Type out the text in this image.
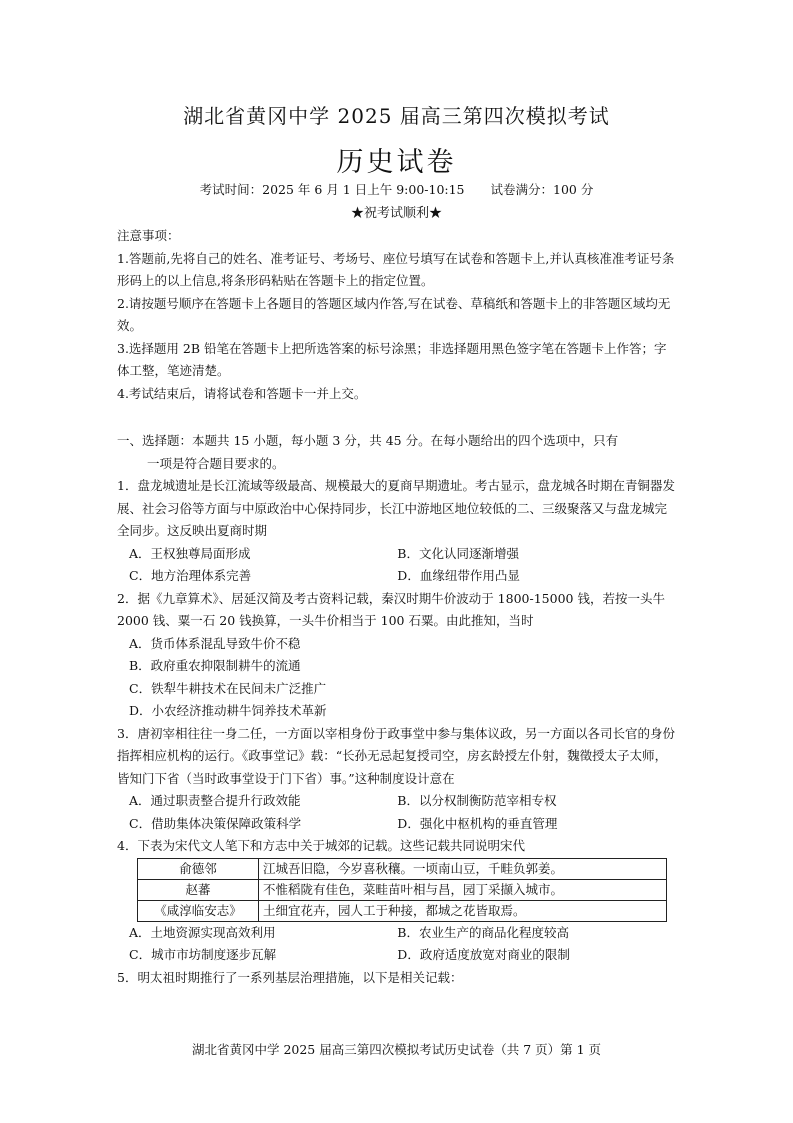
湖北省黄冈中学 2025 届高三第四次模拟考试
历史试卷
考试时间：2025 年 6 月 1 日上午 9:00-10:15 试卷满分：100 分
★祝考试顺利★

注意事项：

1.答题前,先将自己的姓名、准考证号、考场号、座位号填写在试卷和答题卡上,并认真核准准考证号条形码上的以上信息,将条形码粘贴在答题卡上的指定位置。

2.请按题号顺序在答题卡上各题目的答题区域内作答,写在试卷、草稿纸和答题卡上的非答题区域均无效。

3.选择题用 2B 铅笔在答题卡上把所选答案的标号涂黑；非选择题用黑色签字笔在答题卡上作答；字体工整，笔迹清楚。

4.考试结束后，请将试卷和答题卡一并上交。

一、选择题：本题共 15 小题，每小题 3 分，共 45 分。在每小题给出的四个选项中，只有

一项是符合题目要求的。

1．盘龙城遗址是长江流域等级最高、规模最大的夏商早期遗址。考古显示，盘龙城各时期在青铜器发展、社会习俗等方面与中原政治中心保持同步，长江中游地区地位较低的二、三级聚落又与盘龙城完全同步。这反映出夏商时期

A．王权独尊局面形成	B．文化认同逐渐增强
C．地方治理体系完善	D．血缘纽带作用凸显

2．据《九章算术》、居延汉简及考古资料记载，秦汉时期牛价波动于 1800-15000 钱，若按一头牛 2000 钱、粟一石 20 钱换算，一头牛价相当于 100 石粟。由此推知，当时

A．货币体系混乱导致牛价不稳
B．政府重农抑限制耕牛的流通
C．铁犁牛耕技术在民间未广泛推广
D．小农经济推动耕牛饲养技术革新

3．唐初宰相往往一身二任，一方面以宰相身份于政事堂中参与集体议政，另一方面以各司长官的身份指挥相应机构的运行。《政事堂记》载：“长孙无忌起复授司空，房玄龄授左仆射，魏徵授太子太师，皆知门下省（当时政事堂设于门下省）事。”这种制度设计意在

A．通过职责整合提升行政效能	B．以分权制衡防范宰相专权
C．借助集体决策保障政策科学	D．强化中枢机构的垂直管理

4．下表为宋代文人笔下和方志中关于城郊的记载。这些记载共同说明宋代

俞德邻	江城吾旧隐，今岁喜秋穰。一顷南山豆，千畦负郭姜。
赵蕃	不惟稻陇有佳色，菜畦苗叶相与昌，园丁采撷入城市。
《咸淳临安志》	土细宜花卉，园人工于种接，都城之花皆取焉。
A．土地资源实现高效利用	B．农业生产的商品化程度较高
C．城市市坊制度逐步瓦解	D．政府适度放宽对商业的限制

5．明太祖时期推行了一系列基层治理措施，以下是相关记载：

湖北省黄冈中学 2025 届高三第四次模拟考试历史试卷（共 7 页）第 1 页
